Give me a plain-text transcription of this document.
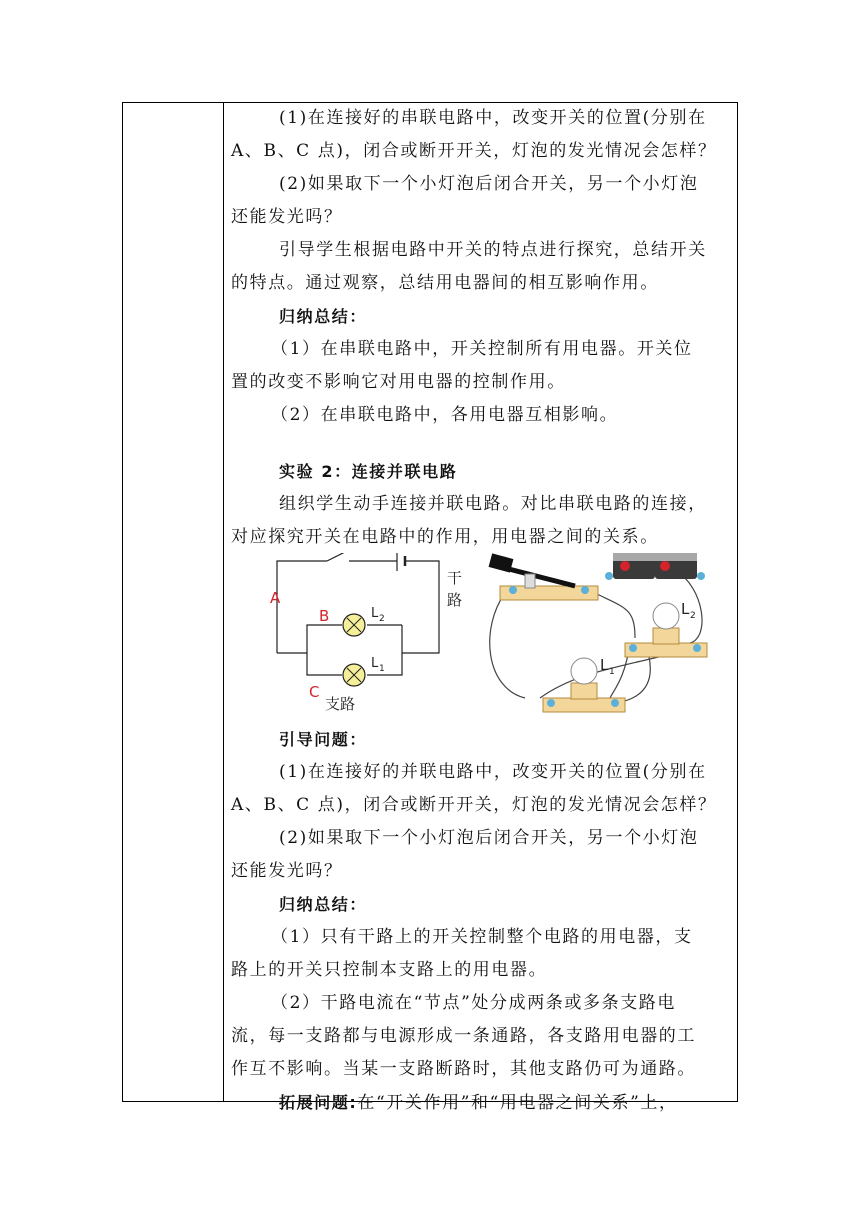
(1)在连接好的串联电路中，改变开关的位置(分别在
A、B、C 点)，闭合或断开开关，灯泡的发光情况会怎样？
(2)如果取下一个小灯泡后闭合开关，另一个小灯泡
还能发光吗？
引导学生根据电路中开关的特点进行探究，总结开关
的特点。通过观察，总结用电器间的相互影响作用。
归纳总结：
（1）在串联电路中，开关控制所有用电器。开关位
置的改变不影响它对用电器的控制作用。
（2）在串联电路中，各用电器互相影响。
实验 2：连接并联电路
组织学生动手连接并联电路。对比串联电路的连接，
对应探究开关在电路中的作用，用电器之间的关系。
A
B
C
L 2
L 1
干
路
支路
L 2
L 1
引导问题：
(1)在连接好的并联电路中，改变开关的位置(分别在
A、B、C 点)，闭合或断开开关，灯泡的发光情况会怎样？
(2)如果取下一个小灯泡后闭合开关，另一个小灯泡
还能发光吗？
归纳总结：
（1）只有干路上的开关控制整个电路的用电器，支
路上的开关只控制本支路上的用电器。
（2）干路电流在“节点”处分成两条或多条支路电
流，每一支路都与电源形成一条通路，各支路用电器的工
作互不影响。当某一支路断路时，其他支路仍可为通路。
拓展问题:在“开关作用”和“用电器之间关系”上，
